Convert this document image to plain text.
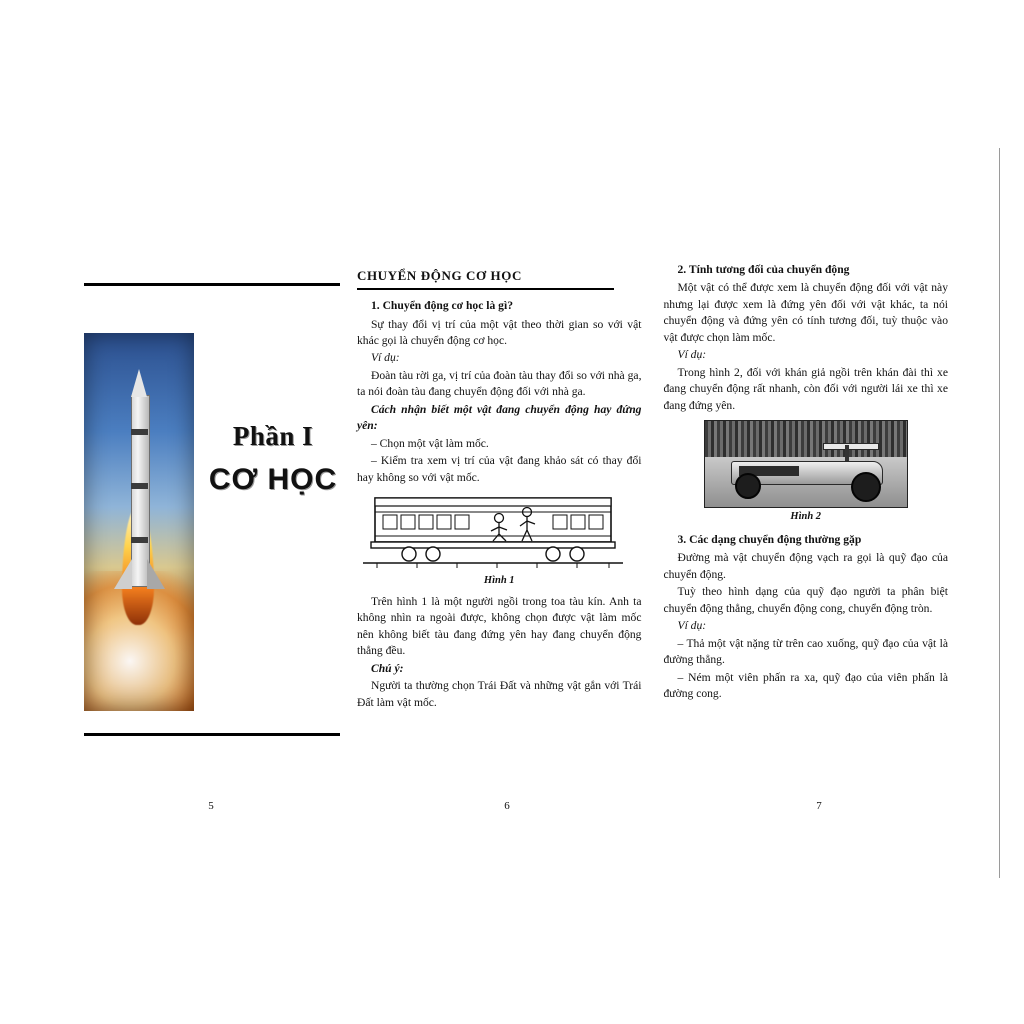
Phần I
CƠ HỌC
CHUYỂN ĐỘNG CƠ HỌC
1. Chuyển động cơ học là gì?

Sự thay đổi vị trí của một vật theo thời gian so với vật khác gọi là chuyển động cơ học.

Ví dụ:

Đoàn tàu rời ga, vị trí của đoàn tàu thay đổi so với nhà ga, ta nói đoàn tàu đang chuyển động đối với nhà ga.

Cách nhận biết một vật đang chuyển động hay đứng yên:

– Chọn một vật làm mốc.

– Kiểm tra xem vị trí của vật đang khảo sát có thay đổi hay không so với vật mốc.

Hình 1

Trên hình 1 là một người ngồi trong toa tàu kín. Anh ta không nhìn ra ngoài được, không chọn được vật làm mốc nên không biết tàu đang đứng yên hay đang chuyển động thẳng đều.

Chú ý:

Người ta thường chọn Trái Đất và những vật gắn với Trái Đất làm vật mốc.

2. Tính tương đối của chuyển động

Một vật có thể được xem là chuyển động đối với vật này nhưng lại được xem là đứng yên đối với vật khác, ta nói chuyển động và đứng yên có tính tương đối, tuỳ thuộc vào vật được chọn làm mốc.

Ví dụ:

Trong hình 2, đối với khán giả ngồi trên khán đài thì xe đang chuyển động rất nhanh, còn đối với người lái xe thì xe đang đứng yên.

Hình 2

3. Các dạng chuyển động thường gặp

Đường mà vật chuyển động vạch ra gọi là quỹ đạo của chuyển động.

Tuỳ theo hình dạng của quỹ đạo người ta phân biệt chuyển động thẳng, chuyển động cong, chuyển động tròn.

Ví dụ:

– Thả một vật nặng từ trên cao xuống, quỹ đạo của vật là đường thẳng.

– Ném một viên phấn ra xa, quỹ đạo của viên phấn là đường cong.

5	6	7
